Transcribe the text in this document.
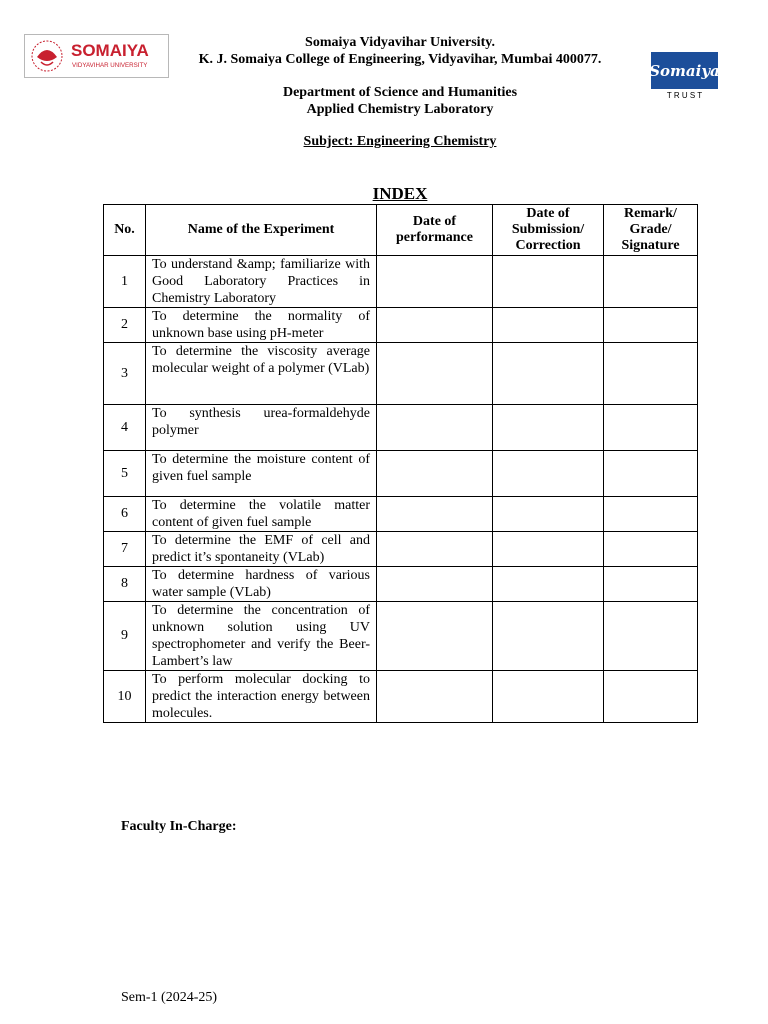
SOMAIYA
VIDYAVIHAR UNIVERSITY
Somaiya Vidyavihar University.
K. J. Somaiya College of Engineering, Vidyavihar, Mumbai 400077.
Somaiya
T R U S T
Department of Science and Humanities
Applied Chemistry Laboratory
Subject: Engineering Chemistry
INDEX
No.	Name of the Experiment	Date of performance	Date of Submission/ Correction	Remark/ Grade/ Signature
1	To understand &amp; familiarize with Good Laboratory Practices in Chemistry Laboratory			
2	To determine the normality of unknown base using pH-meter			
3	To determine the viscosity average molecular weight of a polymer (VLab)			
4	To synthesis urea-formaldehyde polymer			
5	To determine the moisture content of given fuel sample			
6	To determine the volatile matter content of given fuel sample			
7	To determine the EMF of cell and predict it’s spontaneity (VLab)			
8	To determine hardness of various water sample (VLab)			
9	To determine the concentration of unknown solution using UV spectrophometer and verify the Beer-Lambert’s law			
10	To perform molecular docking to predict the interaction energy between molecules.			
Faculty In-Charge:
Sem-1 (2024-25)
